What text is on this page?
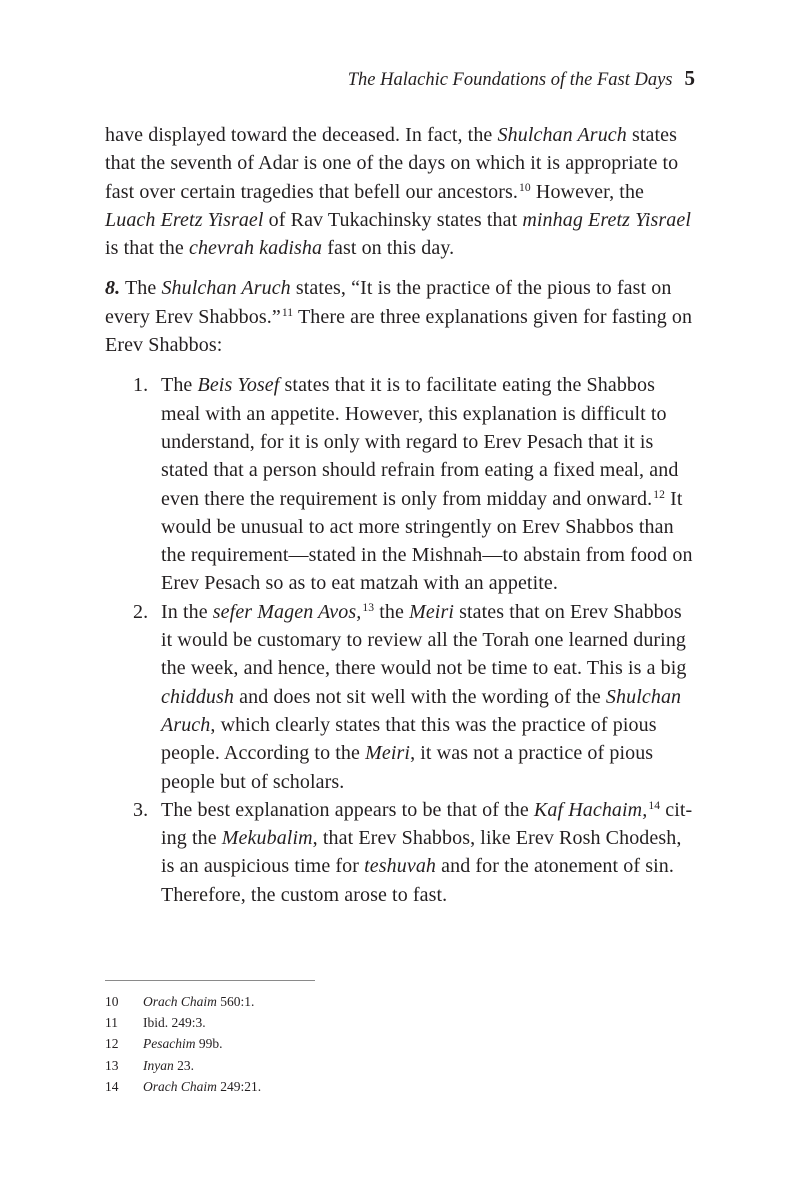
The Halachic Foundations of the Fast Days 5

have displayed toward the deceased. In fact, the Shulchan Aruch states that the seventh of Adar is one of the days on which it is appropriate to fast over certain tragedies that befell our ancestors.$^{10}$ However, the Luach Eretz Yisrael of Rav Tukachinsky states that minhag Eretz Yisrael is that the chevrah kadisha fast on this day.

8. The Shulchan Aruch states, “It is the practice of the pious to fast on every Erev Shabbos.”$^{11}$ There are three explanations given for fasting on Erev Shabbos:

1. The Beis Yosef states that it is to facilitate eating the Shabbos meal with an appetite. However, this explanation is difficult to understand, for it is only with regard to Erev Pesach that it is stated that a person should refrain from eating a fixed meal, and even there the requirement is only from midday and onward.$^{12}$ It would be unusual to act more stringently on Erev Shabbos than the requirement—stated in the Mishnah—to abstain from food on Erev Pesach so as to eat matzah with an appetite.
2. In the sefer Magen Avos,$^{13}$ the Meiri states that on Erev Shabbos it would be customary to review all the Torah one learned during the week, and hence, there would not be time to eat. This is a big chiddush and does not sit well with the wording of the Shulchan Aruch, which clearly states that this was the practice of pious people. According to the Meiri, it was not a practice of pious people but of scholars.
3. The best explanation appears to be that of the Kaf Hachaim,$^{14}$ citing the Mekubalim, that Erev Shabbos, like Erev Rosh Chodesh, is an auspicious time for teshuvah and for the atonement of sin. Therefore, the custom arose to fast.
10	Orach Chaim 560:1.
11	Ibid. 249:3.
12	Pesachim 99b.
13	Inyan 23.
14	Orach Chaim 249:21.
